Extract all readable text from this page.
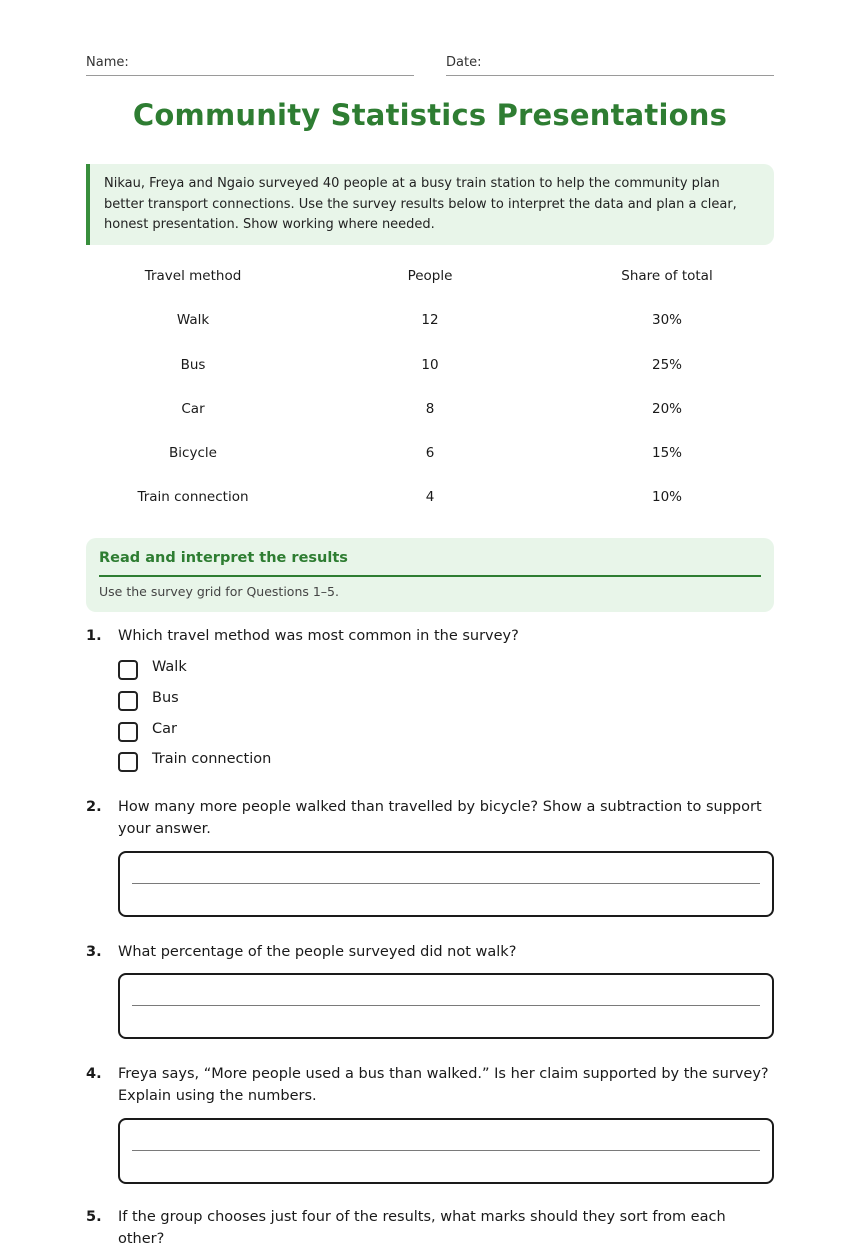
Name:	Date:
Community Statistics Presentations
Nikau, Freya and Ngaio surveyed 40 people at a busy train station to help the community plan better transport connections. Use the survey results below to interpret the data and plan a clear, honest presentation. Show working where needed.
Travel method	People	Share of total
Walk	12	30%
Bus	10	25%
Car	8	20%
Bicycle	6	15%
Train connection	4	10%
Read and interpret the results
Use the survey grid for Questions 1–5.
1. Which travel method was most common in the survey?
Walk
Bus
Car
Train connection
2. How many more people walked than travelled by bicycle? Show a subtraction to support your answer.
3. What percentage of the people surveyed did not walk?
4. Freya says, “More people used a bus than walked.” Is her claim supported by the survey? Explain using the numbers.
5. If the group chooses just four of the results, what marks should they sort from each other?
